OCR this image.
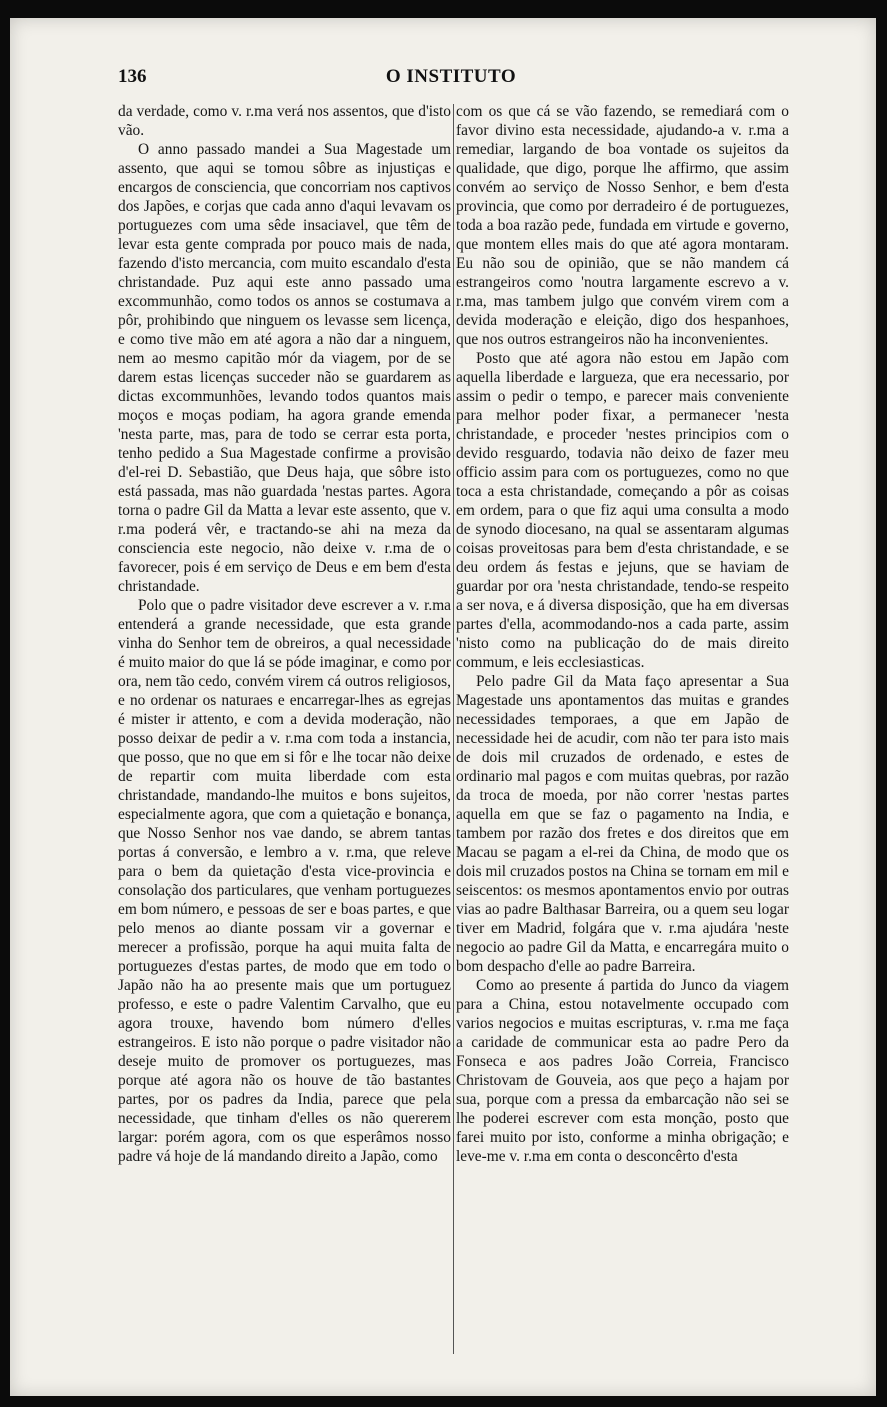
136	O INSTITUTO

da verdade, como v. r.ma verá nos assentos, que d'isto vão.

O anno passado mandei a Sua Magestade um assento, que aqui se tomou sôbre as injustiças e encargos de consciencia, que concorriam nos captivos dos Japões, e corjas que cada anno d'aqui levavam os portuguezes com uma sêde insaciavel, que têm de levar esta gente comprada por pouco mais de nada, fazendo d'isto mercancia, com muito escandalo d'esta christandade. Puz aqui este anno passado uma excommunhão, como todos os annos se costumava a pôr, prohibindo que ninguem os levasse sem licença, e como tive mão em até agora a não dar a ninguem, nem ao mesmo capitão mór da viagem, por de se darem estas licenças succeder não se guardarem as dictas excommunhões, levando todos quantos mais moços e moças podiam, ha agora grande emenda 'nesta parte, mas, para de todo se cerrar esta porta, tenho pedido a Sua Magestade confirme a provisão d'el-rei D. Sebastião, que Deus haja, que sôbre isto está passada, mas não guardada 'nestas partes. Agora torna o padre Gil da Matta a levar este assento, que v. r.ma poderá vêr, e tractando-se ahi na meza da consciencia este negocio, não deixe v. r.ma de o favorecer, pois é em serviço de Deus e em bem d'esta christandade.

Polo que o padre visitador deve escrever a v. r.ma entenderá a grande necessidade, que esta grande vinha do Senhor tem de obreiros, a qual necessidade é muito maior do que lá se póde imaginar, e como por ora, nem tão cedo, convém virem cá outros religiosos, e no ordenar os naturaes e encarregar-lhes as egrejas é mister ir attento, e com a devida moderação, não posso deixar de pedir a v. r.ma com toda a instancia, que posso, que no que em si fôr e lhe tocar não deixe de repartir com muita liberdade com esta christandade, mandando-lhe muitos e bons sujeitos, especialmente agora, que com a quietação e bonança, que Nosso Senhor nos vae dando, se abrem tantas portas á conversão, e lembro a v. r.ma, que releve para o bem da quietação d'esta vice-provincia e consolação dos particulares, que venham portuguezes em bom número, e pessoas de ser e boas partes, e que pelo menos ao diante possam vir a governar e merecer a profissão, porque ha aqui muita falta de portuguezes d'estas partes, de modo que em todo o Japão não ha ao presente mais que um portuguez professo, e este o padre Valentim Carvalho, que eu agora trouxe, havendo bom número d'elles estrangeiros. E isto não porque o padre visitador não deseje muito de promover os portuguezes, mas porque até agora não os houve de tão bastantes partes, por os padres da India, parece que pela necessidade, que tinham d'elles os não quererem largar: porém agora, com os que esperâmos nosso padre vá hoje de lá mandando direito a Japão, como

com os que cá se vão fazendo, se remediará com o favor divino esta necessidade, ajudando-a v. r.ma a remediar, largando de boa vontade os sujeitos da qualidade, que digo, porque lhe affirmo, que assim convém ao serviço de Nosso Senhor, e bem d'esta provincia, que como por derradeiro é de portuguezes, toda a boa razão pede, fundada em virtude e governo, que montem elles mais do que até agora montaram. Eu não sou de opinião, que se não mandem cá estrangeiros como 'noutra largamente escrevo a v. r.ma, mas tambem julgo que convém virem com a devida moderação e eleição, digo dos hespanhoes, que nos outros estrangeiros não ha inconvenientes.

Posto que até agora não estou em Japão com aquella liberdade e largueza, que era necessario, por assim o pedir o tempo, e parecer mais conveniente para melhor poder fixar, a permanecer 'nesta christandade, e proceder 'nestes principios com o devido resguardo, todavia não deixo de fazer meu officio assim para com os portuguezes, como no que toca a esta christandade, começando a pôr as coisas em ordem, para o que fiz aqui uma consulta a modo de synodo diocesano, na qual se assentaram algumas coisas proveitosas para bem d'esta christandade, e se deu ordem ás festas e jejuns, que se haviam de guardar por ora 'nesta christandade, tendo-se respeito a ser nova, e á diversa disposição, que ha em diversas partes d'ella, acommodando-nos a cada parte, assim 'nisto como na publicação do de mais direito commum, e leis ecclesiasticas.

Pelo padre Gil da Mata faço apresentar a Sua Magestade uns apontamentos das muitas e grandes necessidades temporaes, a que em Japão de necessidade hei de acudir, com não ter para isto mais de dois mil cruzados de ordenado, e estes de ordinario mal pagos e com muitas quebras, por razão da troca de moeda, por não correr 'nestas partes aquella em que se faz o pagamento na India, e tambem por razão dos fretes e dos direitos que em Macau se pagam a el-rei da China, de modo que os dois mil cruzados postos na China se tornam em mil e seiscentos: os mesmos apontamentos envio por outras vias ao padre Balthasar Barreira, ou a quem seu logar tiver em Madrid, folgára que v. r.ma ajudára 'neste negocio ao padre Gil da Matta, e encarregára muito o bom despacho d'elle ao padre Barreira.

Como ao presente á partida do Junco da viagem para a China, estou notavelmente occupado com varios negocios e muitas escripturas, v. r.ma me faça a caridade de communicar esta ao padre Pero da Fonseca e aos padres João Correia, Francisco Christovam de Gouveia, aos que peço a hajam por sua, porque com a pressa da embarcação não sei se lhe poderei escrever com esta monção, posto que farei muito por isto, conforme a minha obrigação; e leve-me v. r.ma em conta o desconcêrto d'esta
